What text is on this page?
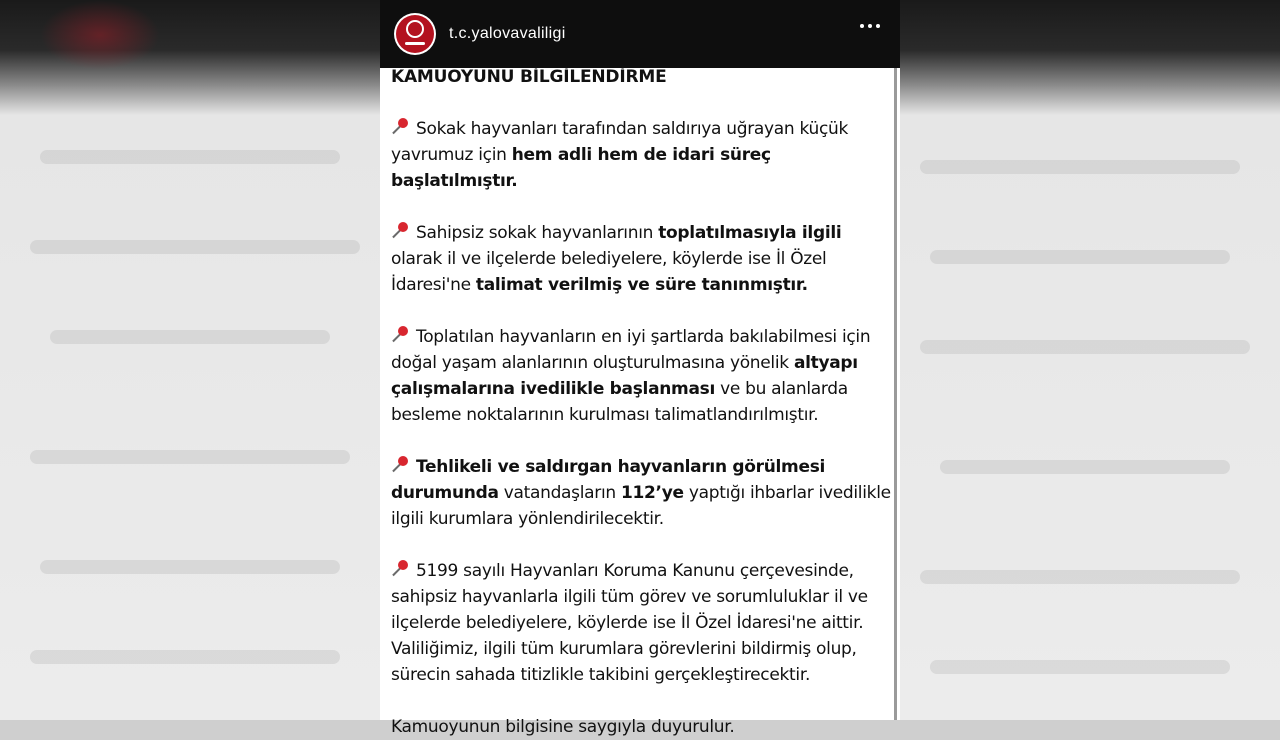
t.c.yalovavaliligi
KAMUOYUNU BİLGİLENDİRME
Sokak hayvanları tarafından saldırıya uğrayan küçük yavrumuz için hem adli hem de idari süreç başlatılmıştır.
Sahipsiz sokak hayvanlarının toplatılmasıyla ilgili olarak il ve ilçelerde belediyelere, köylerde ise İl Özel İdaresi'ne talimat verilmiş ve süre tanınmıştır.
Toplatılan hayvanların en iyi şartlarda bakılabilmesi için doğal yaşam alanlarının oluşturulmasına yönelik altyapı çalışmalarına ivedilikle başlanması ve bu alanlarda besleme noktalarının kurulması talimatlandırılmıştır.
Tehlikeli ve saldırgan hayvanların görülmesi durumunda vatandaşların 112’ye yaptığı ihbarlar ivedilikle ilgili kurumlara yönlendirilecektir.
5199 sayılı Hayvanları Koruma Kanunu çerçevesinde, sahipsiz hayvanlarla ilgili tüm görev ve sorumluluklar il ve ilçelerde belediyelere, köylerde ise İl Özel İdaresi'ne aittir. Valiliğimiz, ilgili tüm kurumlara görevlerini bildirmiş olup, sürecin sahada titizlikle takibini gerçekleştirecektir.
Kamuoyunun bilgisine saygıyla duyurulur.
